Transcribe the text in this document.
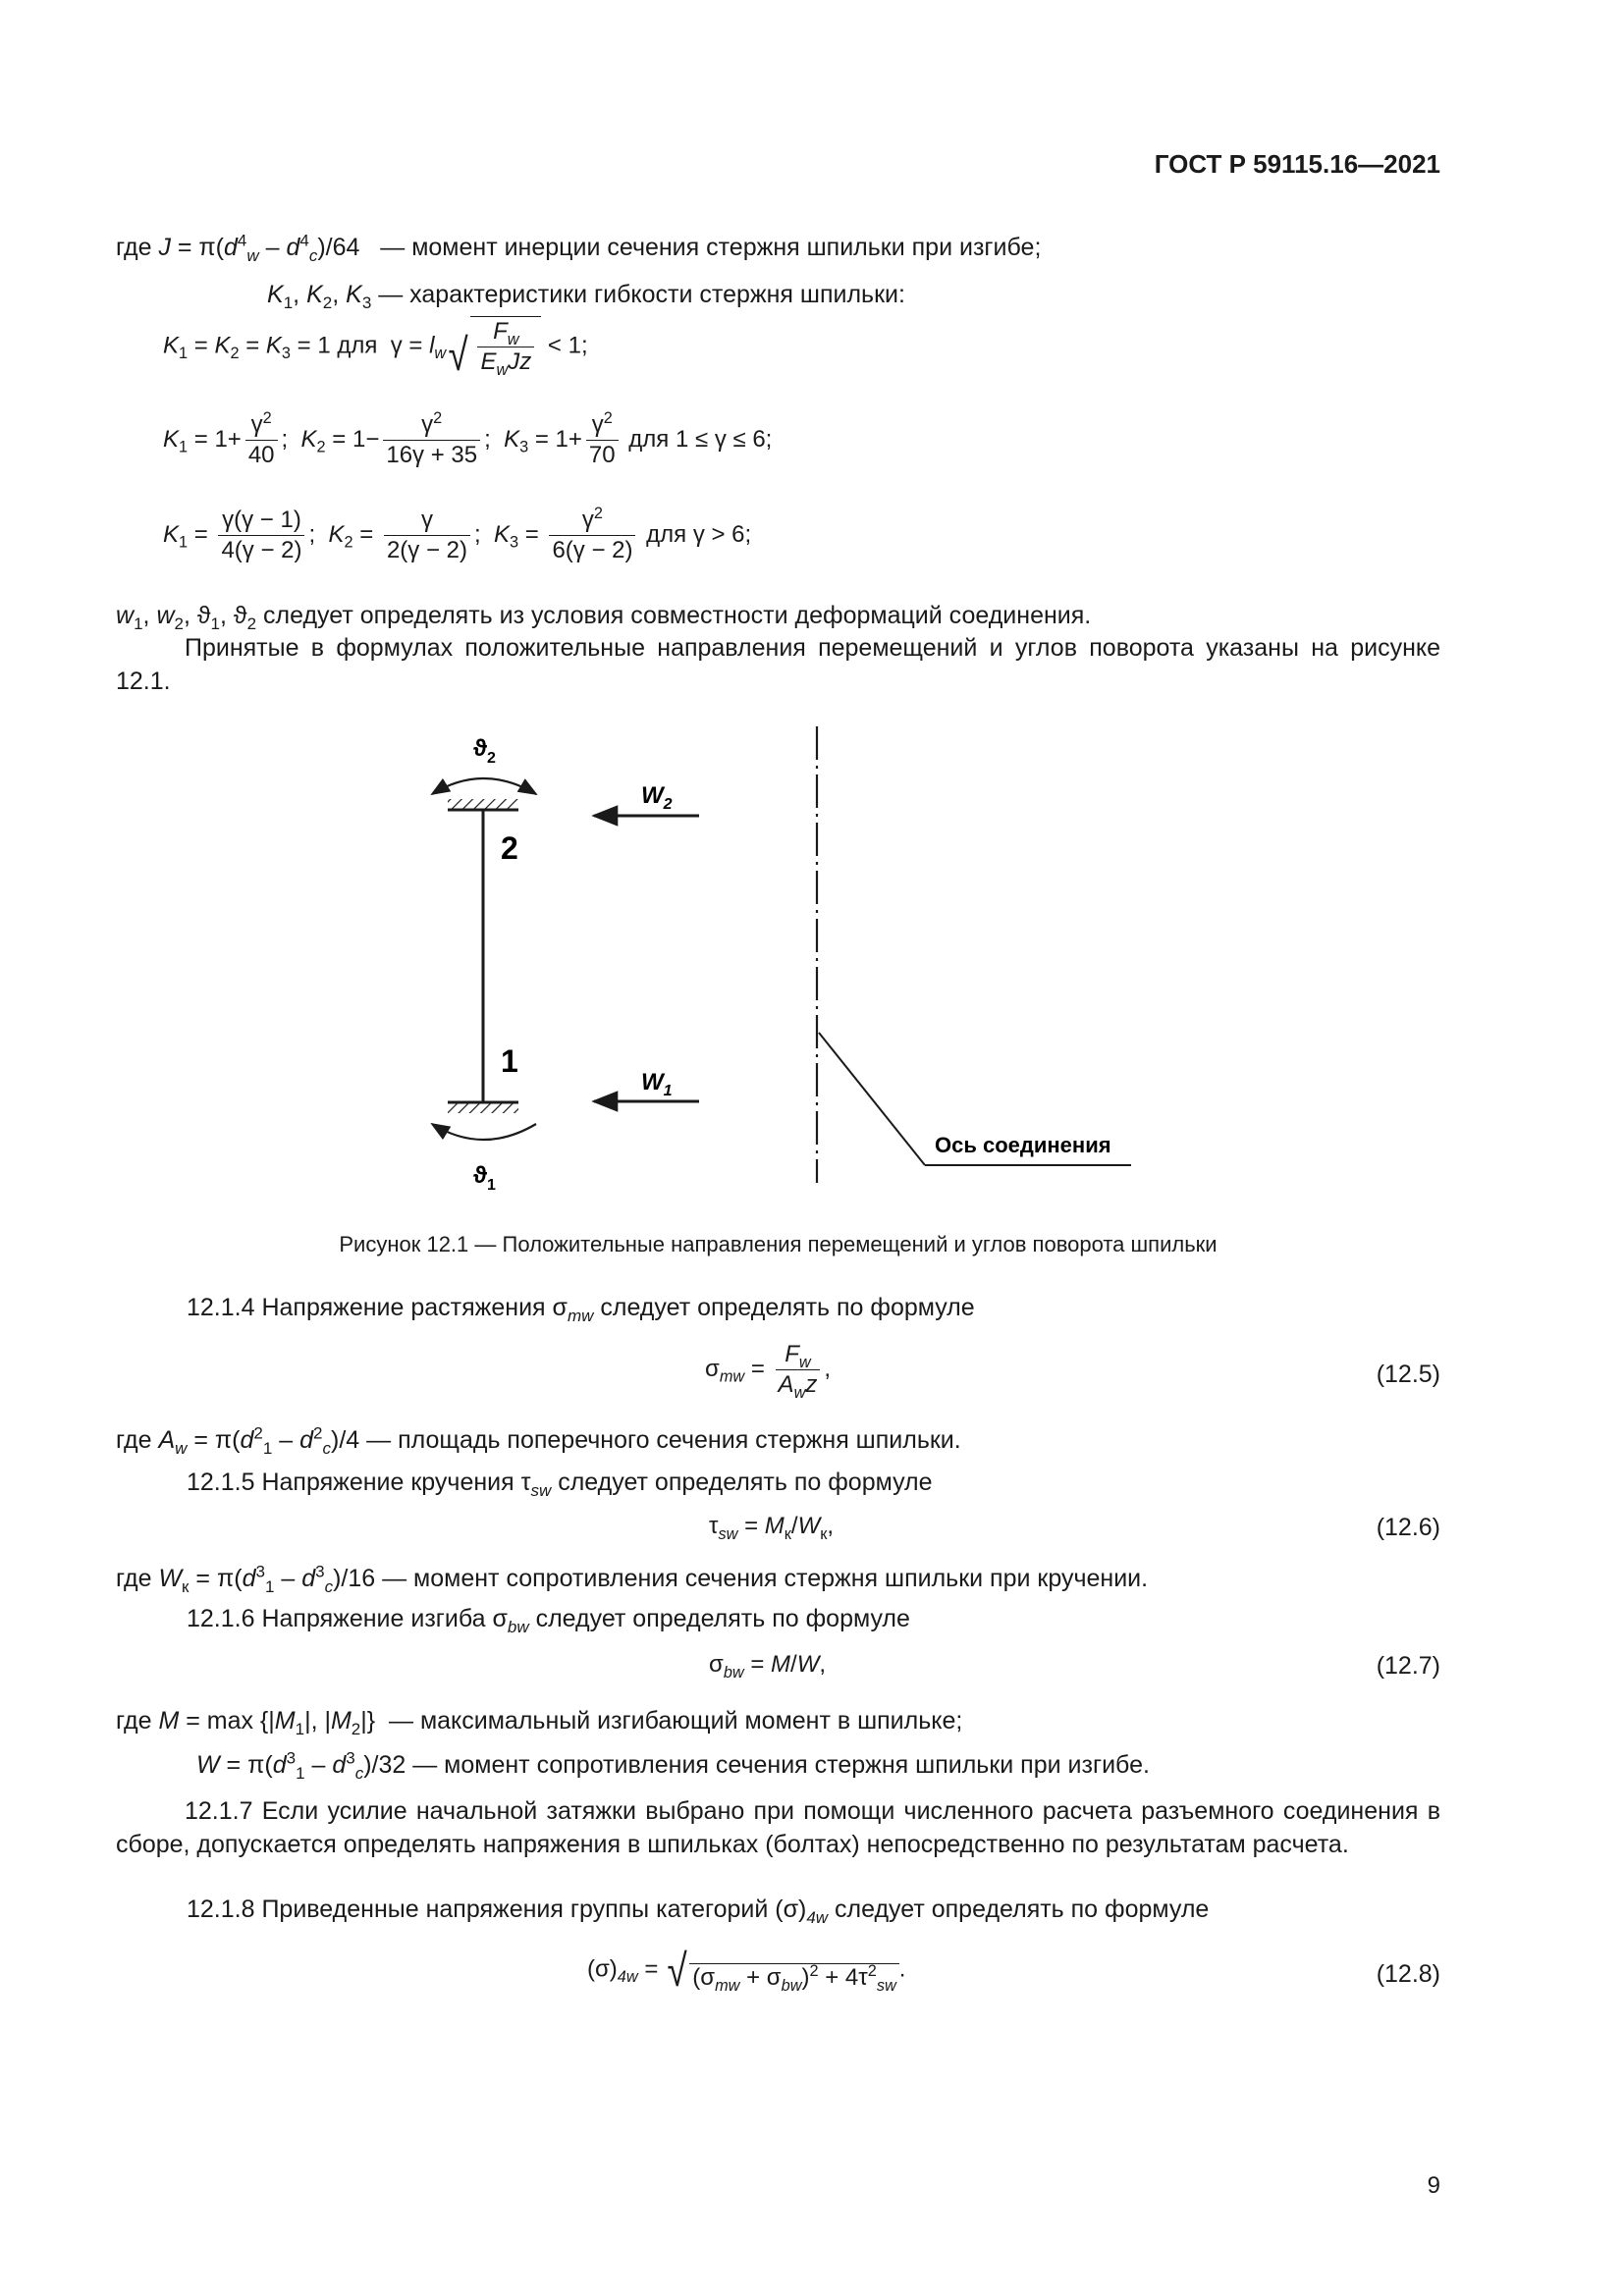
ГОСТ Р 59115.16—2021
где $J = \pi(d^4_w - d^4_c)/64$   — момент инерции сечения стержня шпильки при изгибе;
$K_1$, $K_2$, $K_3$ — характеристики гибкости стержня шпильки:
$K_1 = K_2 = K_3 = 1$ для  $\gamma = l_w$ √ $\frac{F_w}{E_wJz} < 1$;
$K_1 = 1+ \frac{\gamma^2}{40}$ ;  $K_2 = 1- \frac{\gamma^2}{16\gamma + 35}$ ;  $K_3 = 1+ \frac{\gamma^2}{70}$ для 1 ≤ γ ≤ 6;
$K_1 = \frac{\gamma(\gamma - 1)}{4(\gamma - 2)}$ ;  $K_2 = \frac{\gamma}{2(\gamma - 2)}$ ;  $K_3 = \frac{\gamma^2}{6(\gamma - 2)}$ для γ > 6;
$w_1$, $w_2$, $ϑ_1$, $ϑ_2$ следует определять из условия совместности деформаций соединения.
Принятые в формулах положительные направления перемещений и углов поворота указаны на рисунке 12.1.
$ϑ_2$
$ϑ_1$
2
1
$W_2$
$W_1$
Ось соединения
Рисунок 12.1 — Положительные направления перемещений и углов поворота шпильки
12.1.4 Напряжение растяжения $\sigma_{mw}$ следует определять по формуле
$\sigma_{mw} = \frac{F_w}{A_wz}$ ,	(12.5)
где $A_w = \pi(d^2_1 - d^2_c)/4$ — площадь поперечного сечения стержня шпильки.
12.1.5 Напряжение кручения $\tau_{sw}$ следует определять по формуле
$\tau_{sw} = M_к/W_к$,	(12.6)
где $W_к = \pi(d^3_1 - d^3_c)/16$ — момент сопротивления сечения стержня шпильки при кручении.
12.1.6 Напряжение изгиба $\sigma_{bw}$ следует определять по формуле
$\sigma_{bw} = M/W$,	(12.7)
где $M = \max \{|M_1|$, $|M_2|$}  — максимальный изгибающий момент в шпильке;
$W = \pi(d^3_1 - d^3_c)/32$ — момент сопротивления сечения стержня шпильки при изгибе.
12.1.7 Если усилие начальной затяжки выбрано при помощи численного расчета разъемного соединения в сборе, допускается определять напряжения в шпильках (болтах) непосредственно по результатам расчета.
12.1.8 Приведенные напряжения группы категорий $(\sigma)_{4w}$ следует определять по формуле
$(\sigma)_{4w}$ = √ $(\sigma_{mw} + \sigma_{bw})^2 + 4\tau^2_{sw}$
.	(12.8)
9
